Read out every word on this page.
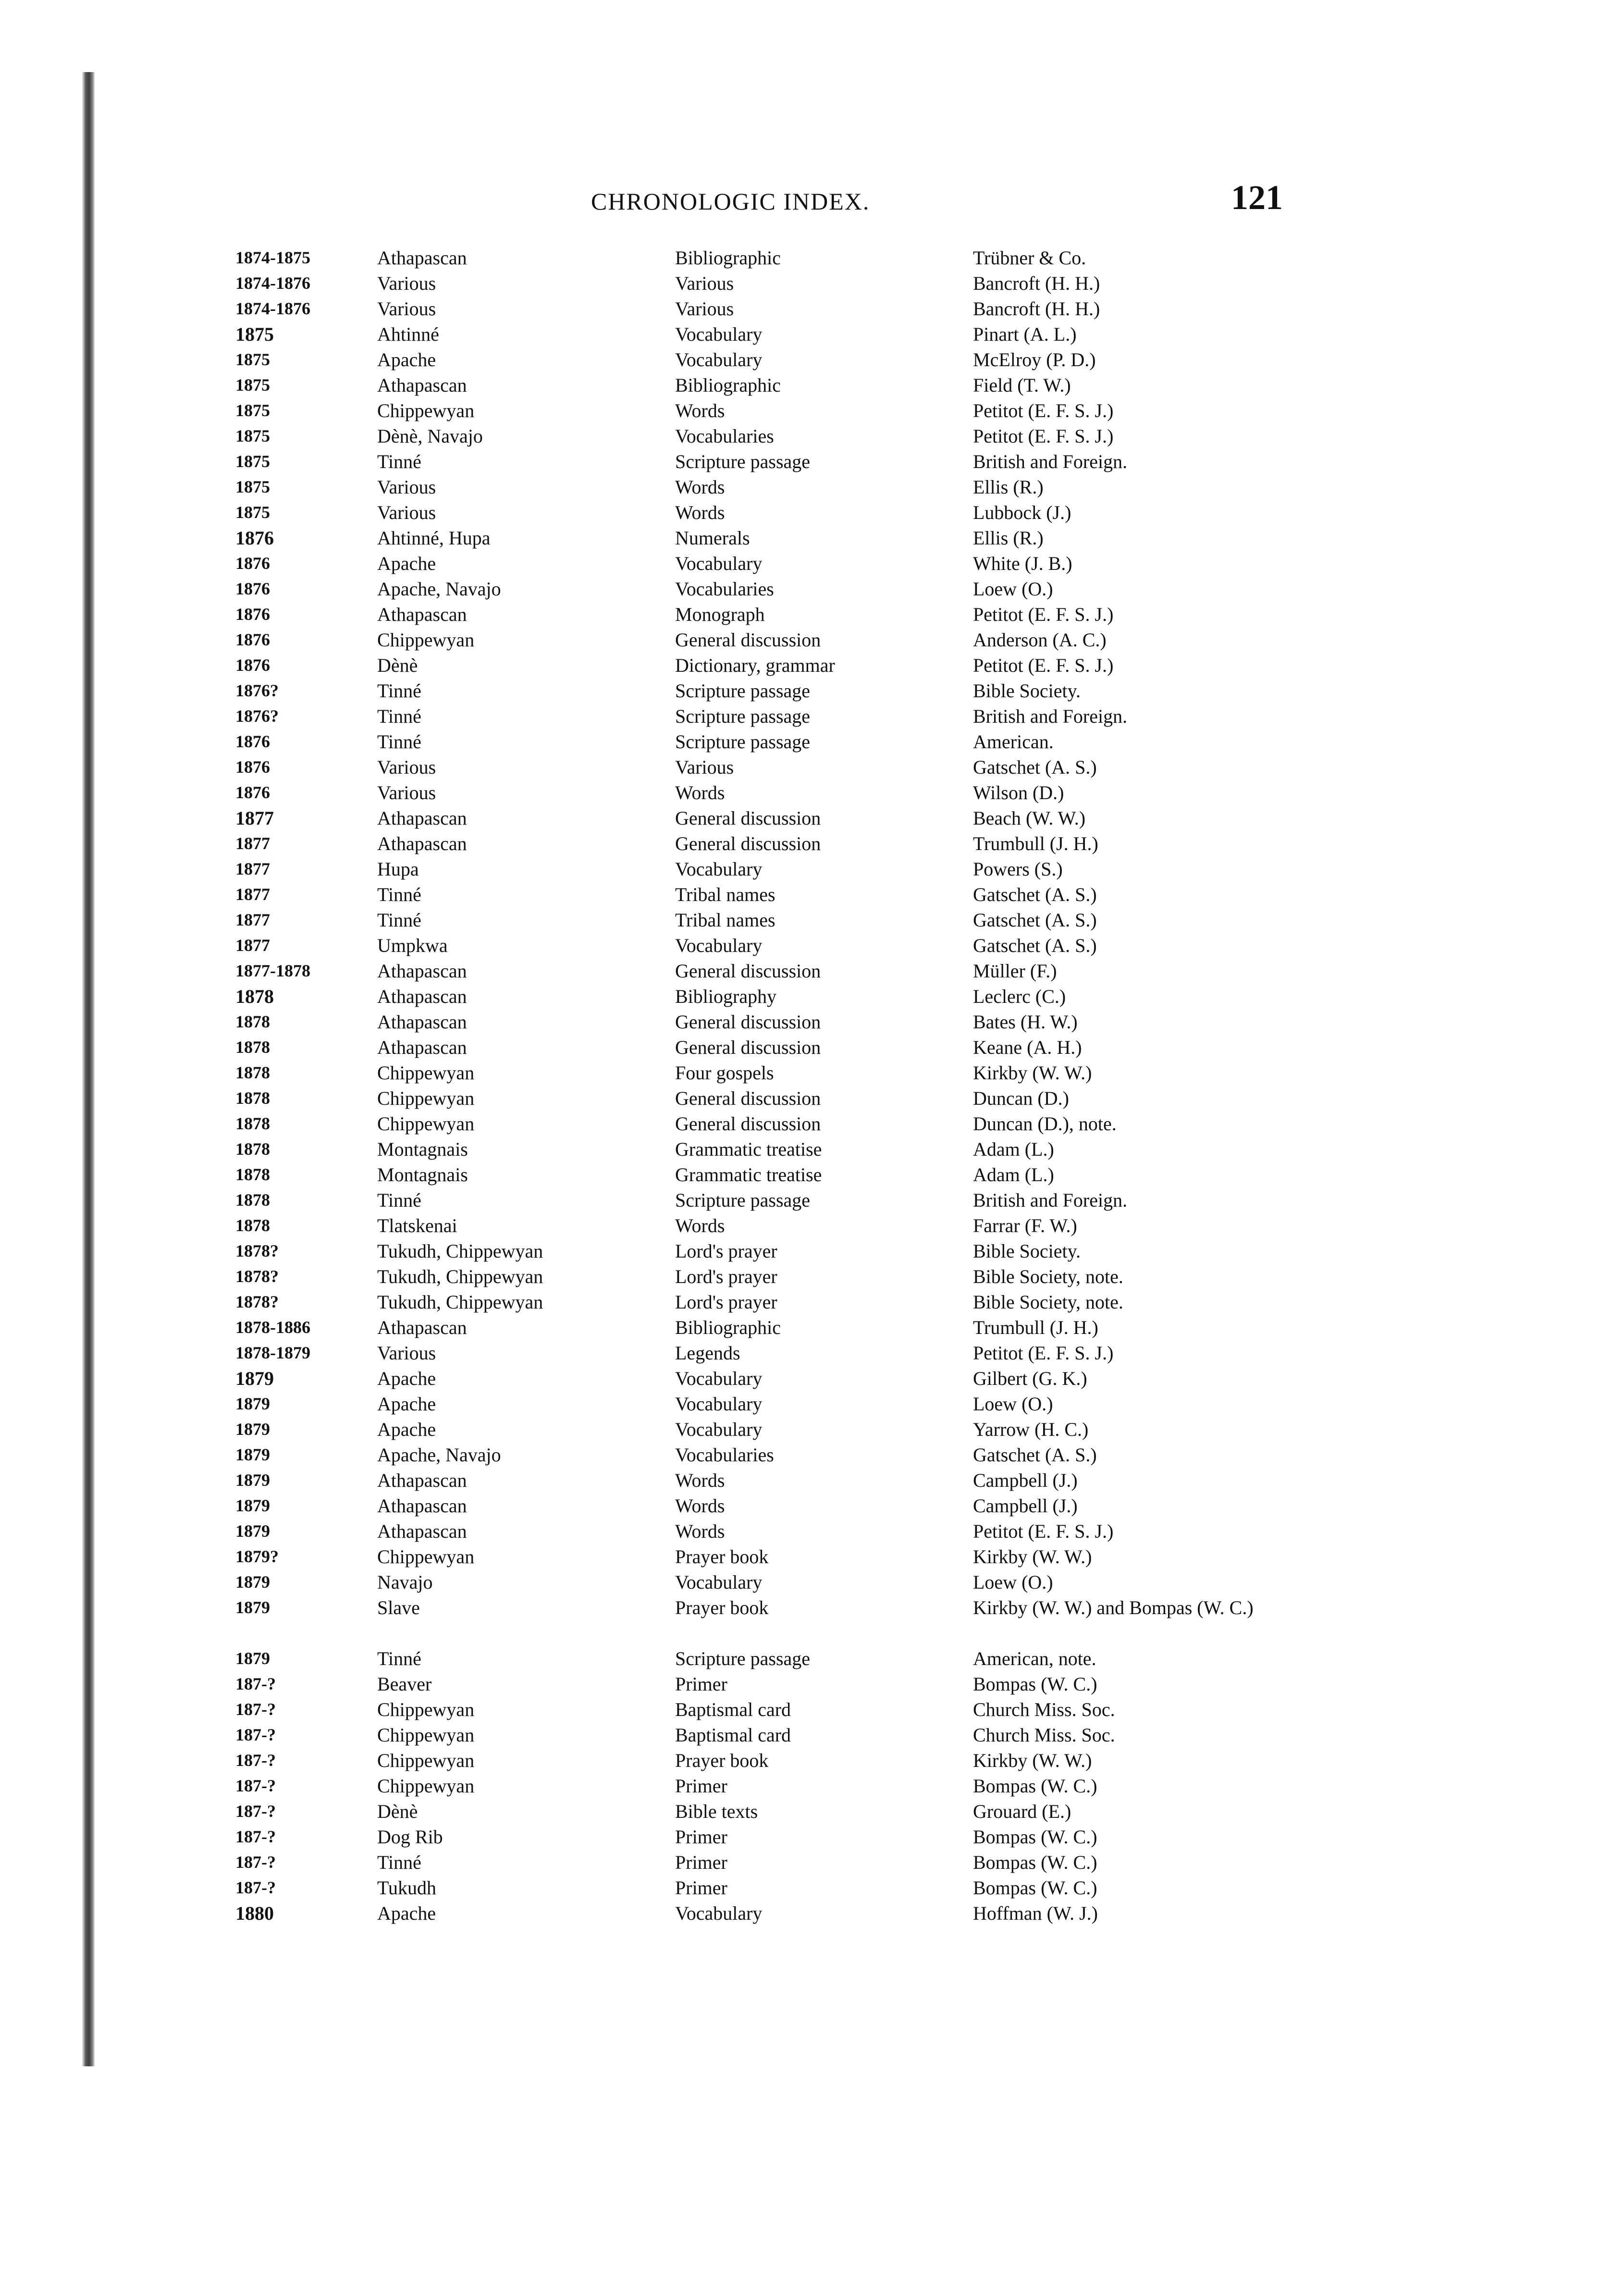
CHRONOLOGIC INDEX.	121
1874-1875	Athapascan	Bibliographic	Trübner & Co.
1874-1876	Various	Various	Bancroft (H. H.)
1874-1876	Various	Various	Bancroft (H. H.)
1875	Ahtinné	Vocabulary	Pinart (A. L.)
1875	Apache	Vocabulary	McElroy (P. D.)
1875	Athapascan	Bibliographic	Field (T. W.)
1875	Chippewyan	Words	Petitot (E. F. S. J.)
1875	Dènè, Navajo	Vocabularies	Petitot (E. F. S. J.)
1875	Tinné	Scripture passage	British and Foreign.
1875	Various	Words	Ellis (R.)
1875	Various	Words	Lubbock (J.)
1876	Ahtinné, Hupa	Numerals	Ellis (R.)
1876	Apache	Vocabulary	White (J. B.)
1876	Apache, Navajo	Vocabularies	Loew (O.)
1876	Athapascan	Monograph	Petitot (E. F. S. J.)
1876	Chippewyan	General discussion	Anderson (A. C.)
1876	Dènè	Dictionary, grammar	Petitot (E. F. S. J.)
1876?	Tinné	Scripture passage	Bible Society.
1876?	Tinné	Scripture passage	British and Foreign.
1876	Tinné	Scripture passage	American.
1876	Various	Various	Gatschet (A. S.)
1876	Various	Words	Wilson (D.)
1877	Athapascan	General discussion	Beach (W. W.)
1877	Athapascan	General discussion	Trumbull (J. H.)
1877	Hupa	Vocabulary	Powers (S.)
1877	Tinné	Tribal names	Gatschet (A. S.)
1877	Tinné	Tribal names	Gatschet (A. S.)
1877	Umpkwa	Vocabulary	Gatschet (A. S.)
1877-1878	Athapascan	General discussion	Müller (F.)
1878	Athapascan	Bibliography	Leclerc (C.)
1878	Athapascan	General discussion	Bates (H. W.)
1878	Athapascan	General discussion	Keane (A. H.)
1878	Chippewyan	Four gospels	Kirkby (W. W.)
1878	Chippewyan	General discussion	Duncan (D.)
1878	Chippewyan	General discussion	Duncan (D.), note.
1878	Montagnais	Grammatic treatise	Adam (L.)
1878	Montagnais	Grammatic treatise	Adam (L.)
1878	Tinné	Scripture passage	British and Foreign.
1878	Tlatskenai	Words	Farrar (F. W.)
1878?	Tukudh, Chippewyan	Lord's prayer	Bible Society.
1878?	Tukudh, Chippewyan	Lord's prayer	Bible Society, note.
1878?	Tukudh, Chippewyan	Lord's prayer	Bible Society, note.
1878-1886	Athapascan	Bibliographic	Trumbull (J. H.)
1878-1879	Various	Legends	Petitot (E. F. S. J.)
1879	Apache	Vocabulary	Gilbert (G. K.)
1879	Apache	Vocabulary	Loew (O.)
1879	Apache	Vocabulary	Yarrow (H. C.)
1879	Apache, Navajo	Vocabularies	Gatschet (A. S.)
1879	Athapascan	Words	Campbell (J.)
1879	Athapascan	Words	Campbell (J.)
1879	Athapascan	Words	Petitot (E. F. S. J.)
1879?	Chippewyan	Prayer book	Kirkby (W. W.)
1879	Navajo	Vocabulary	Loew (O.)
1879	Slave	Prayer book	Kirkby (W. W.) and Bompas (W. C.)
1879	Tinné	Scripture passage	American, note.
187-?	Beaver	Primer	Bompas (W. C.)
187-?	Chippewyan	Baptismal card	Church Miss. Soc.
187-?	Chippewyan	Baptismal card	Church Miss. Soc.
187-?	Chippewyan	Prayer book	Kirkby (W. W.)
187-?	Chippewyan	Primer	Bompas (W. C.)
187-?	Dènè	Bible texts	Grouard (E.)
187-?	Dog Rib	Primer	Bompas (W. C.)
187-?	Tinné	Primer	Bompas (W. C.)
187-?	Tukudh	Primer	Bompas (W. C.)
1880	Apache	Vocabulary	Hoffman (W. J.)
